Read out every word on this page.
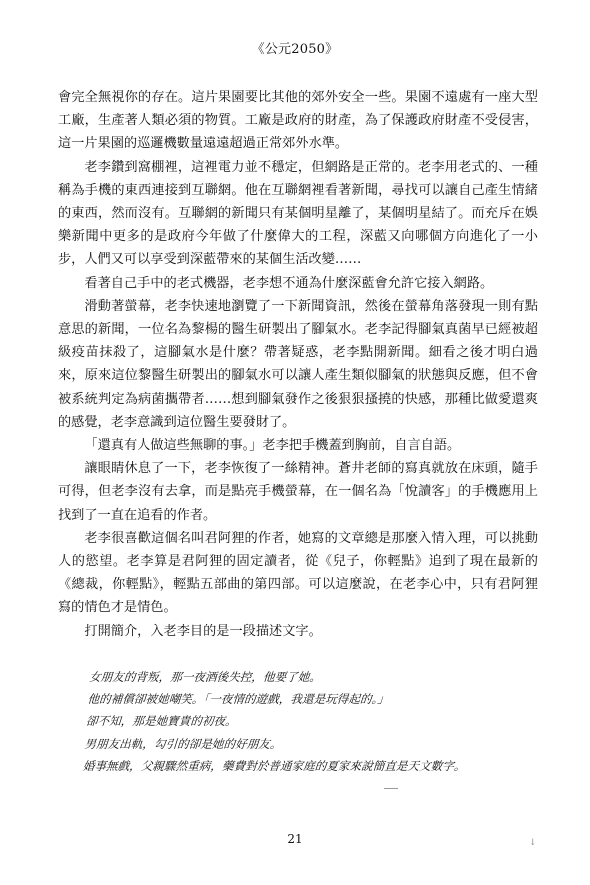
《公元2050》

會完全無視你的存在。這片果園要比其他的郊外安全一些。果園不遠處有一座大型工廠，生產著人類必須的物質。工廠是政府的財產，為了保護政府財產不受侵害，這一片果園的巡邏機數量遠遠超過正常郊外水準。

老李鑽到窩棚裡，這裡電力並不穩定，但網路是正常的。老李用老式的、一種稱為手機的東西連接到互聯網。他在互聯網裡看著新聞，尋找可以讓自己產生情緒的東西，然而沒有。互聯網的新聞只有某個明星離了，某個明星結了。而充斥在娛樂新聞中更多的是政府今年做了什麼偉大的工程，深藍又向哪個方向進化了一小步，人們又可以享受到深藍帶來的某個生活改變……

看著自己手中的老式機器，老李想不通為什麼深藍會允許它接入網路。

滑動著螢幕，老李快速地瀏覽了一下新聞資訊，然後在螢幕角落發現一則有點意思的新聞，一位名為黎楊的醫生研製出了腳氣水。老李記得腳氣真菌早已經被超級疫苗抹殺了，這腳氣水是什麼？帶著疑惑，老李點開新聞。細看之後才明白過來，原來這位黎醫生研製出的腳氣水可以讓人產生類似腳氣的狀態與反應，但不會被系統判定為病菌攜帶者……想到腳氣發作之後狠狠搔撓的快感，那種比做愛還爽的感覺，老李意識到這位醫生要發財了。

「還真有人做這些無聊的事。」老李把手機蓋到胸前，自言自語。

讓眼睛休息了一下，老李恢復了一絲精神。蒼井老師的寫真就放在床頭，隨手可得，但老李沒有去拿，而是點亮手機螢幕，在一個名為「悅讀客」的手機應用上找到了一直在追看的作者。

老李很喜歡這個名叫君阿狸的作者，她寫的文章總是那麼入情入理，可以挑動人的慾望。老李算是君阿狸的固定讀者，從《兒子，你輕點》追到了現在最新的《總裁，你輕點》，輕點五部曲的第四部。可以這麼說，在老李心中，只有君阿狸寫的情色才是情色。

打開簡介，入老李目的是一段描述文字。

女朋友的背叛，那一夜酒後失控，他要了她。

他的補償卻被她嘲笑。「一夜情的遊戲，我還是玩得起的。」

卻不知，那是她寶貴的初夜。

男朋友出軌，勾引的卻是她的好朋友。

婚事無戲，父親驟然重病，藥費對於普通家庭的夏家來說簡直是天文數字。

21	↓
